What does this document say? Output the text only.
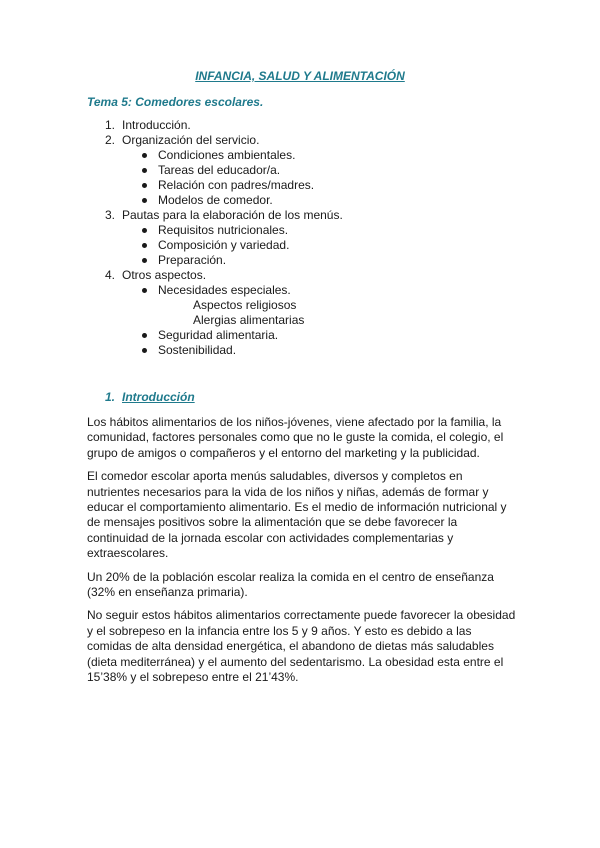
INFANCIA, SALUD Y ALIMENTACIÓN
Tema 5: Comedores escolares.
1. Introducción.
2. Organización del servicio.
Condiciones ambientales.
Tareas del educador/a.
Relación con padres/madres.
Modelos de comedor.
3. Pautas para la elaboración de los menús.
Requisitos nutricionales.
Composición y variedad.
Preparación.
4. Otros aspectos.
Necesidades especiales.
Aspectos religiosos
Alergias alimentarias
Seguridad alimentaria.
Sostenibilidad.
1. Introducción

Los hábitos alimentarios de los niños-jóvenes, viene afectado por la familia, la comunidad, factores personales como que no le guste la comida, el colegio, el grupo de amigos o compañeros y el entorno del marketing y la publicidad.

El comedor escolar aporta menús saludables, diversos y completos en nutrientes necesarios para la vida de los niños y niñas, además de formar y educar el comportamiento alimentario. Es el medio de información nutricional y de mensajes positivos sobre la alimentación que se debe favorecer la continuidad de la jornada escolar con actividades complementarias y extraescolares.

Un 20% de la población escolar realiza la comida en el centro de enseñanza (32% en enseñanza primaria).

No seguir estos hábitos alimentarios correctamente puede favorecer la obesidad y el sobrepeso en la infancia entre los 5 y 9 años. Y esto es debido a las comidas de alta densidad energética, el abandono de dietas más saludables (dieta mediterránea) y el aumento del sedentarismo. La obesidad esta entre el 15’38% y el sobrepeso entre el 21’43%.
